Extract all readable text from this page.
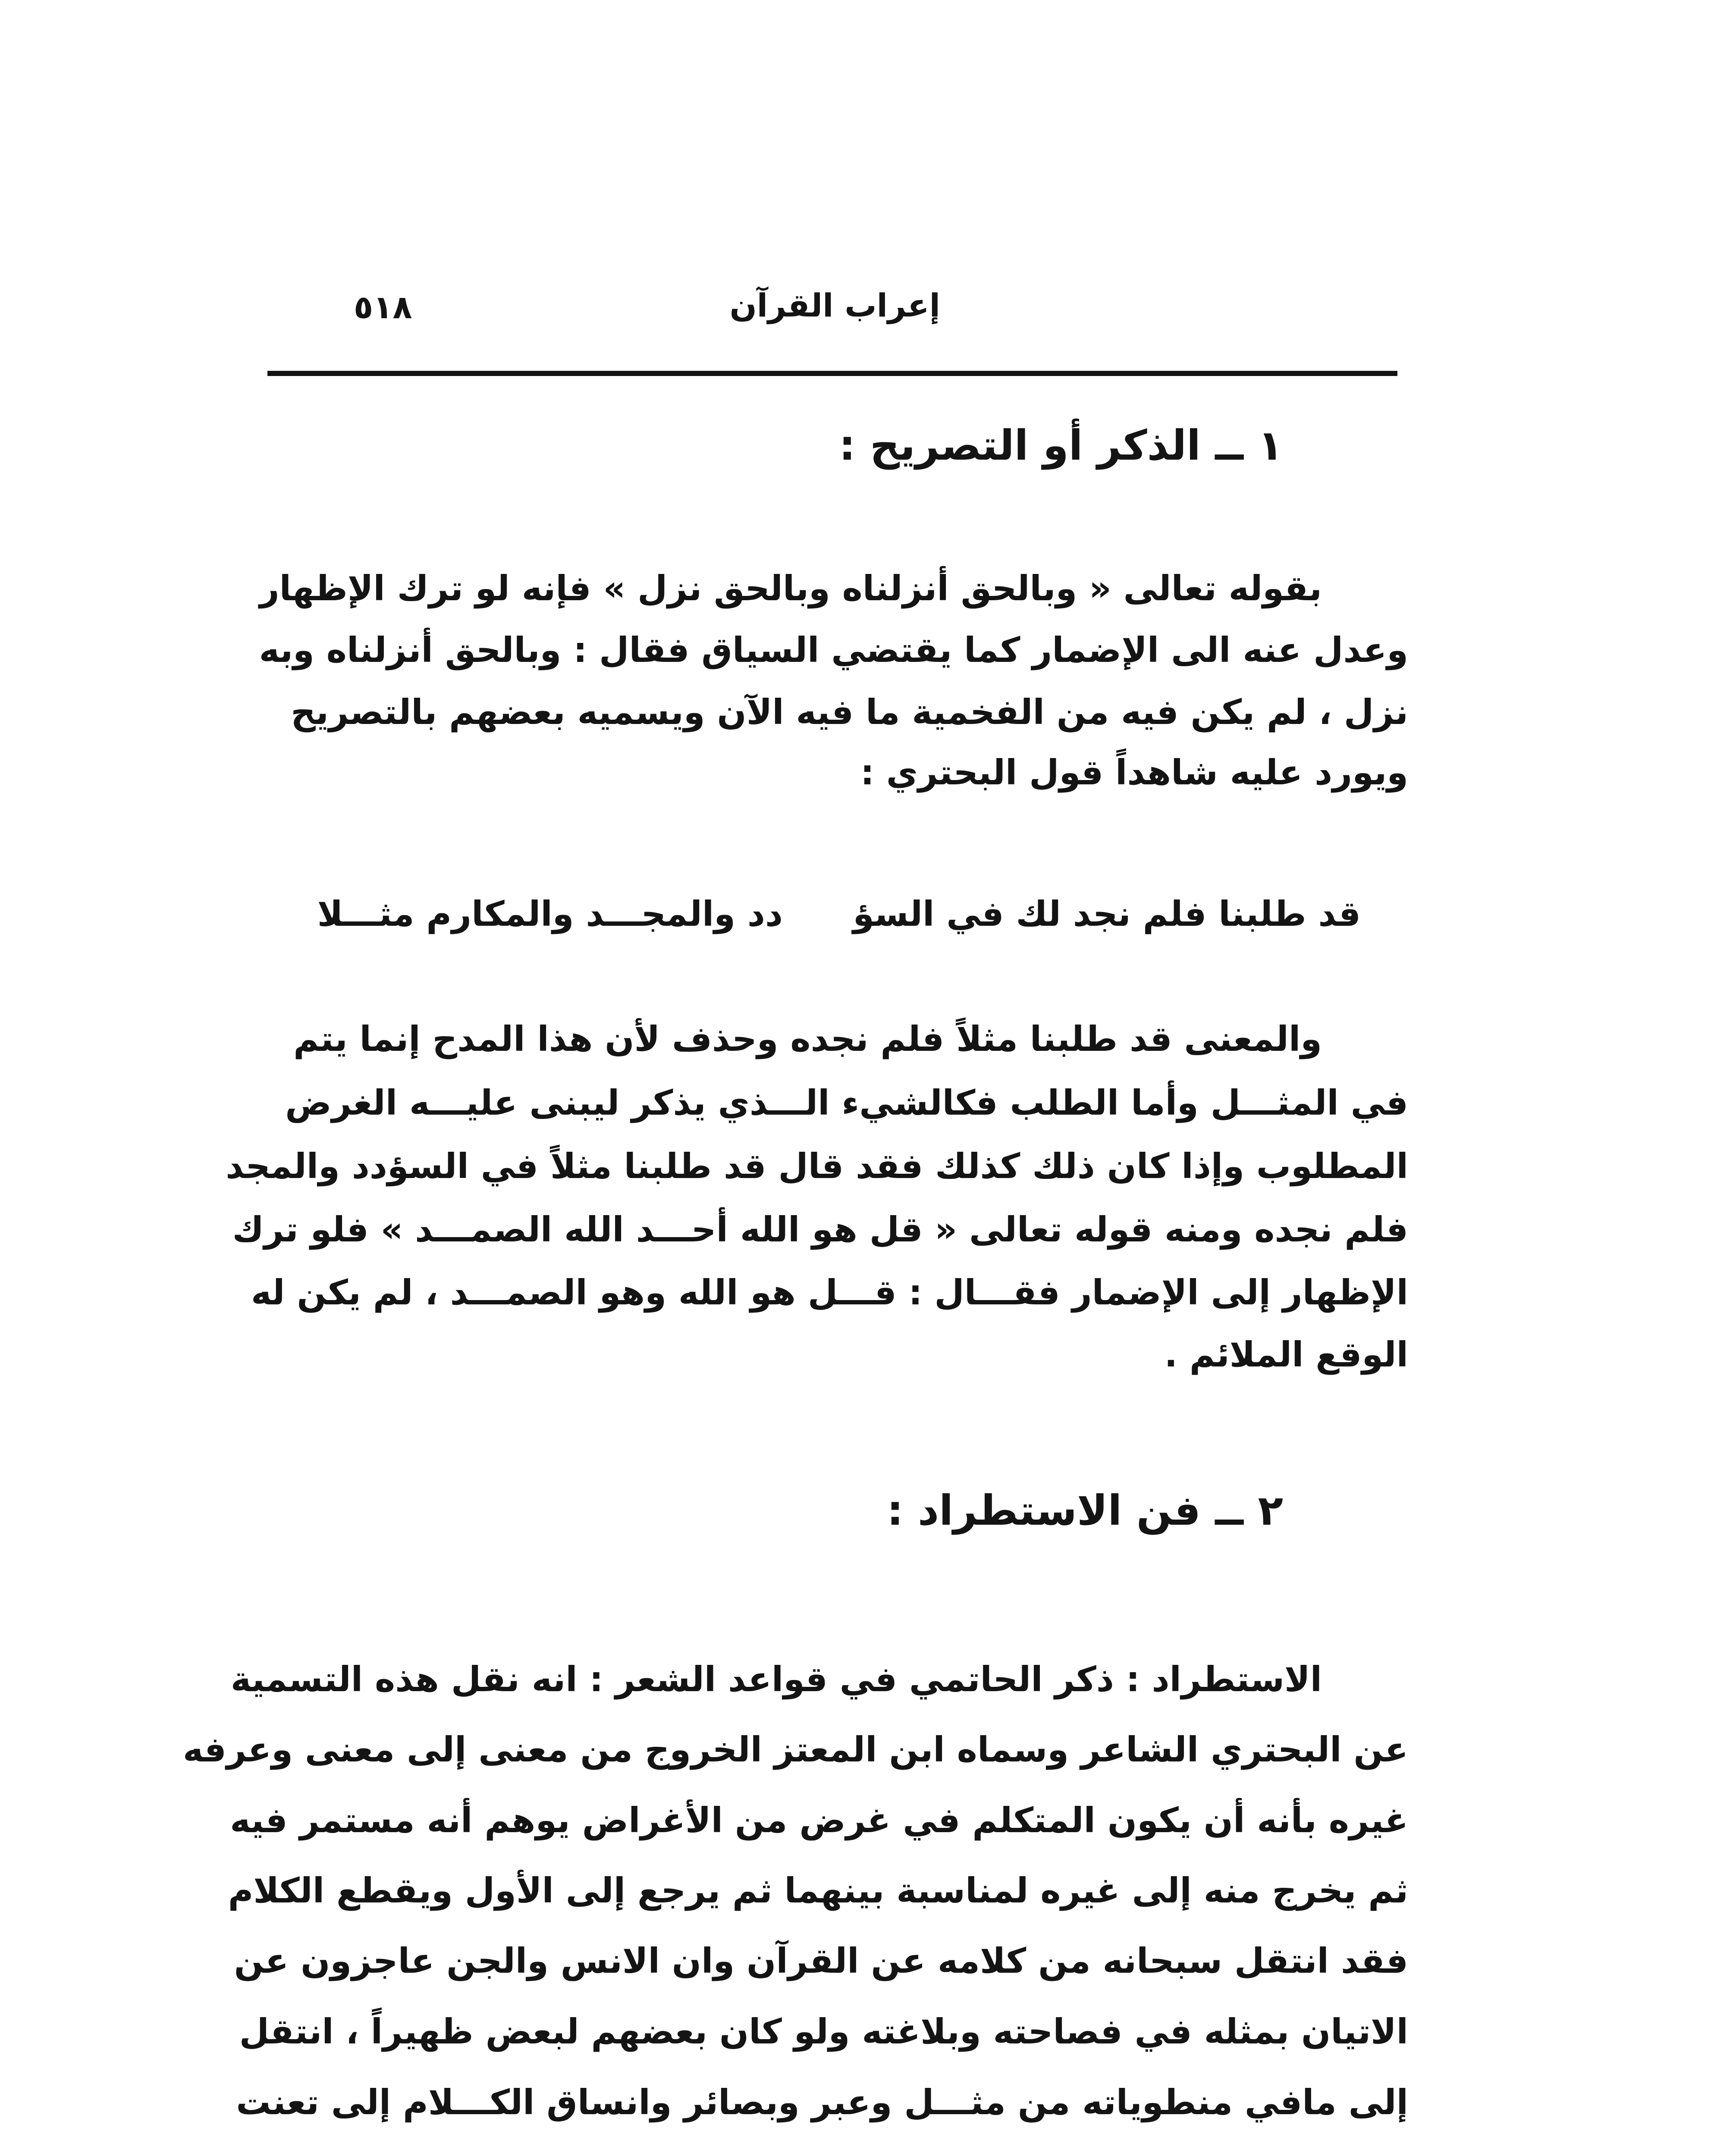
٥١٨	إعراب القرآن
١ ــ الذكر أو التصريح :
بقوله تعالى « وبالحق أنزلناه وبالحق نزل » فإنه لو ترك الإظهار
وعدل عنه الى الإضمار كما يقتضي السياق فقال : وبالحق أنزلناه وبه
نزل ، لم يكن فيه من الفخمية ما فيه الآن ويسميه بعضهم بالتصريح
ويورد عليه شاهداً قول البحتري :
قد طلبنا فلم نجد لك في السؤ
دد والمجـــد والمكارم مثـــلا
والمعنى قد طلبنا مثلاً فلم نجده وحذف لأن هذا المدح إنما يتم
في المثـــل وأما الطلب فكالشيء الـــذي يذكر ليبنى عليـــه الغرض
المطلوب وإذا كان ذلك كذلك فقد قال قد طلبنا مثلاً في السؤدد والمجد
فلم نجده ومنه قوله تعالى « قل هو الله أحـــد الله الصمـــد » فلو ترك
الإظهار إلى الإضمار فقـــال : قـــل هو الله وهو الصمـــد ، لم يكن له
الوقع الملائم .
٢ ــ فن الاستطراد :
الاستطراد : ذكر الحاتمي في قواعد الشعر : انه نقل هذه التسمية
عن البحتري الشاعر وسماه ابن المعتز الخروج من معنى إلى معنى وعرفه
غيره بأنه أن يكون المتكلم في غرض من الأغراض يوهم أنه مستمر فيه
ثم يخرج منه إلى غيره لمناسبة بينهما ثم يرجع إلى الأول ويقطع الكلام
فقد انتقل سبحانه من كلامه عن القرآن وان الانس والجن عاجزون عن
الاتيان بمثله في فصاحته وبلاغته ولو كان بعضهم لبعض ظهيراً ، انتقل
إلى مافي منطوياته من مثـــل وعبر وبصائر وانساق الكـــلام إلى تعنت
